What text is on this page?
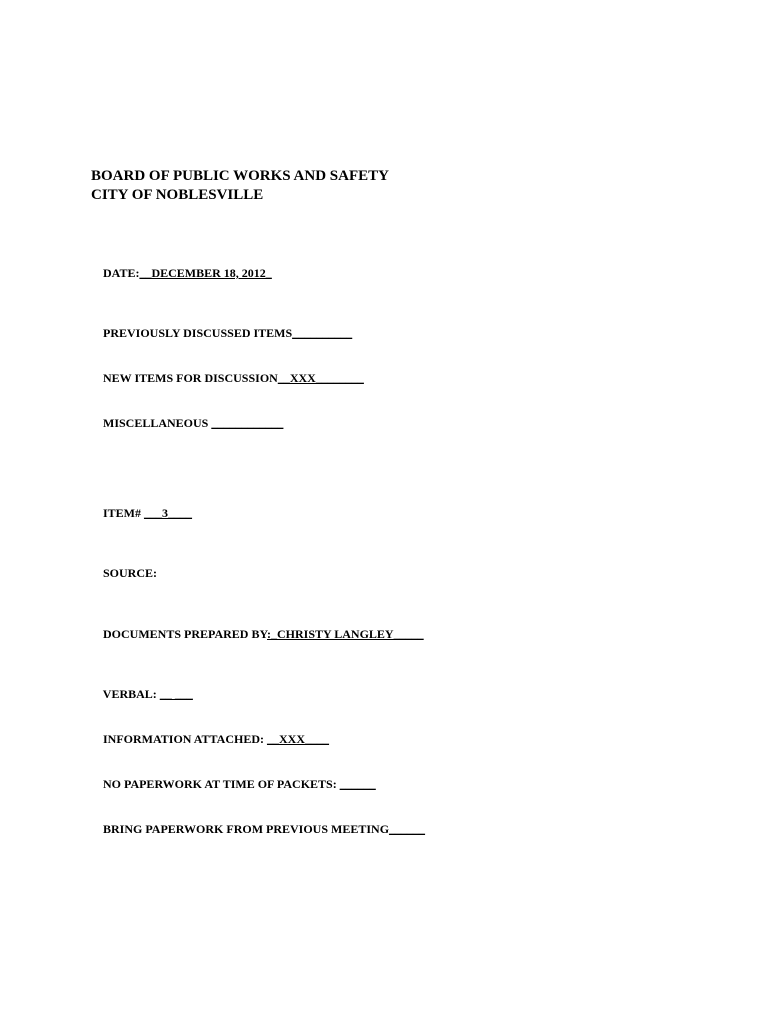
BOARD OF PUBLIC WORKS AND SAFETY
CITY OF NOBLESVILLE

DATE:__DECEMBER 18, 2012_

PREVIOUSLY DISCUSSED ITEMS__________

NEW ITEMS FOR DISCUSSION__XXX________

MISCELLANEOUS ____________

ITEM# ___3____

SOURCE:

DOCUMENTS PREPARED BY:_CHRISTY LANGLEY_____

VERBAL: __ ___

INFORMATION ATTACHED: __XXX____

NO PAPERWORK AT TIME OF PACKETS: ______

BRING PAPERWORK FROM PREVIOUS MEETING______
